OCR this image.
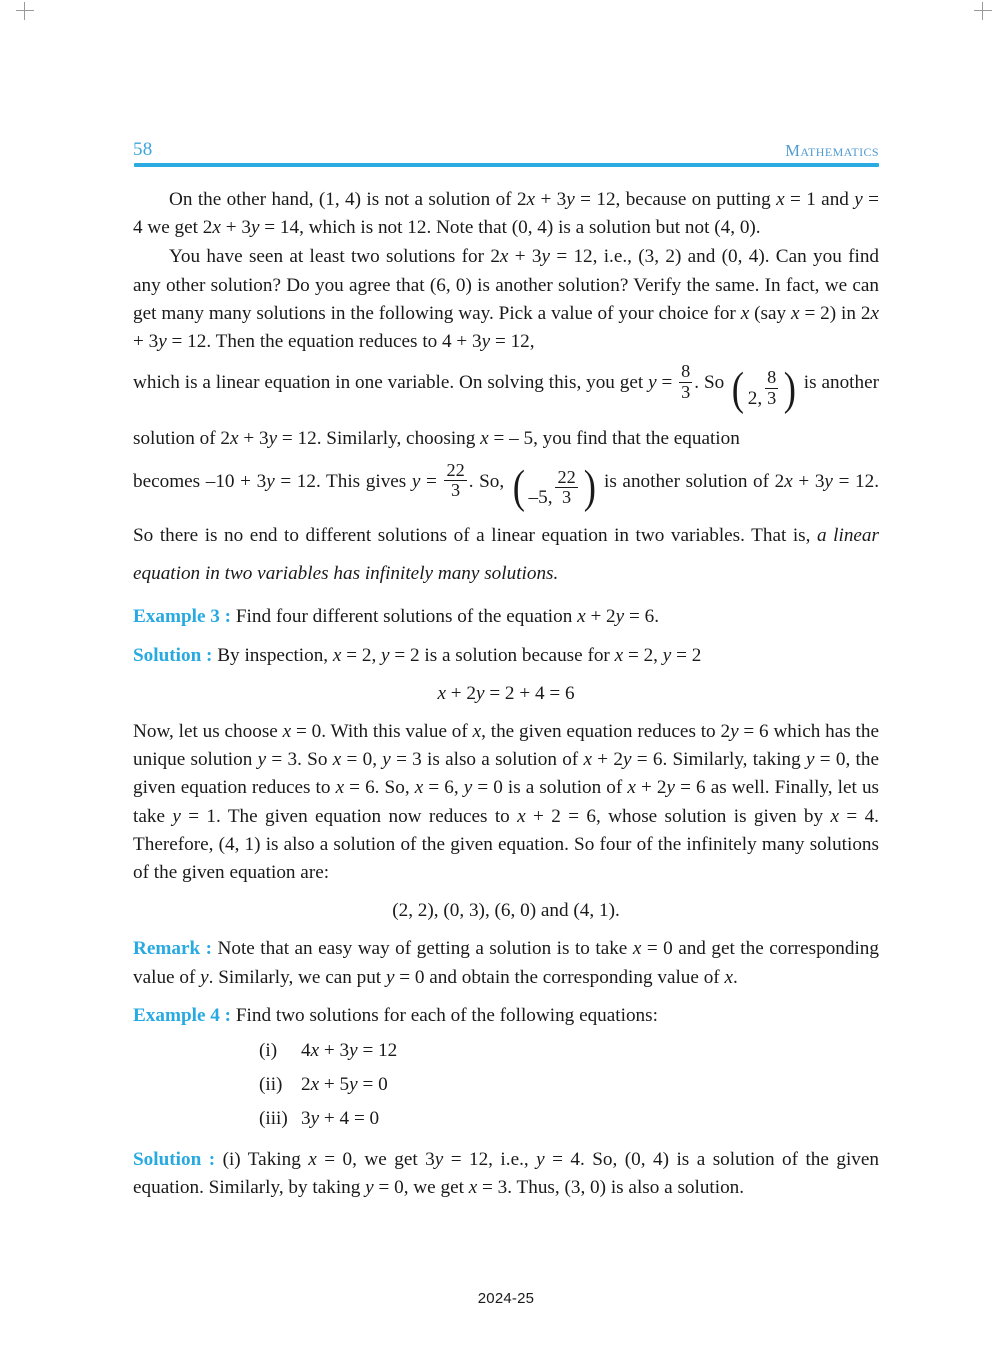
58	Mathematics

On the other hand, (1, 4) is not a solution of 2x + 3y = 12, because on putting x = 1 and y = 4 we get 2x + 3y = 14, which is not 12. Note that (0, 4) is a solution but not (4, 0).

You have seen at least two solutions for 2x + 3y = 12, i.e., (3, 2) and (0, 4). Can you find any other solution? Do you agree that (6, 0) is another solution? Verify the same. In fact, we can get many many solutions in the following way. Pick a value of your choice for x (say x = 2) in 2x + 3y = 12. Then the equation reduces to 4 + 3y = 12,

which is a linear equation in one variable. On solving this, you get $y = \frac{8}{3}$ . So ( 2, $\frac{8}{3}$ ) is another solution of 2x + 3y = 12. Similarly, choosing x = – 5, you find that the equation

becomes –10 + 3y = 12. This gives $y = \frac{22}{3}$ . So, ( –5, $\frac{22}{3}$ ) is another solution of 2x + 3y = 12. So there is no end to different solutions of a linear equation in two variables. That is, a linear equation in two variables has infinitely many solutions.

Example 3 : Find four different solutions of the equation x + 2y = 6.

Solution : By inspection, x = 2, y = 2 is a solution because for x = 2, y = 2

x + 2y = 2 + 4 = 6

Now, let us choose x = 0. With this value of x, the given equation reduces to 2y = 6 which has the unique solution y = 3. So x = 0, y = 3 is also a solution of x + 2y = 6. Similarly, taking y = 0, the given equation reduces to x = 6. So, x = 6, y = 0 is a solution of x + 2y = 6 as well. Finally, let us take y = 1. The given equation now reduces to x + 2 = 6, whose solution is given by x = 4. Therefore, (4, 1) is also a solution of the given equation. So four of the infinitely many solutions of the given equation are:

(2, 2), (0, 3), (6, 0) and (4, 1).

Remark : Note that an easy way of getting a solution is to take x = 0 and get the corresponding value of y. Similarly, we can put y = 0 and obtain the corresponding value of x.

Example 4 : Find two solutions for each of the following equations:

(i) 4x + 3y = 12
(ii) 2x + 5y = 0
(iii) 3y + 4 = 0

Solution : (i) Taking x = 0, we get 3y = 12, i.e., y = 4. So, (0, 4) is a solution of the given equation. Similarly, by taking y = 0, we get x = 3. Thus, (3, 0) is also a solution.

2024-25
